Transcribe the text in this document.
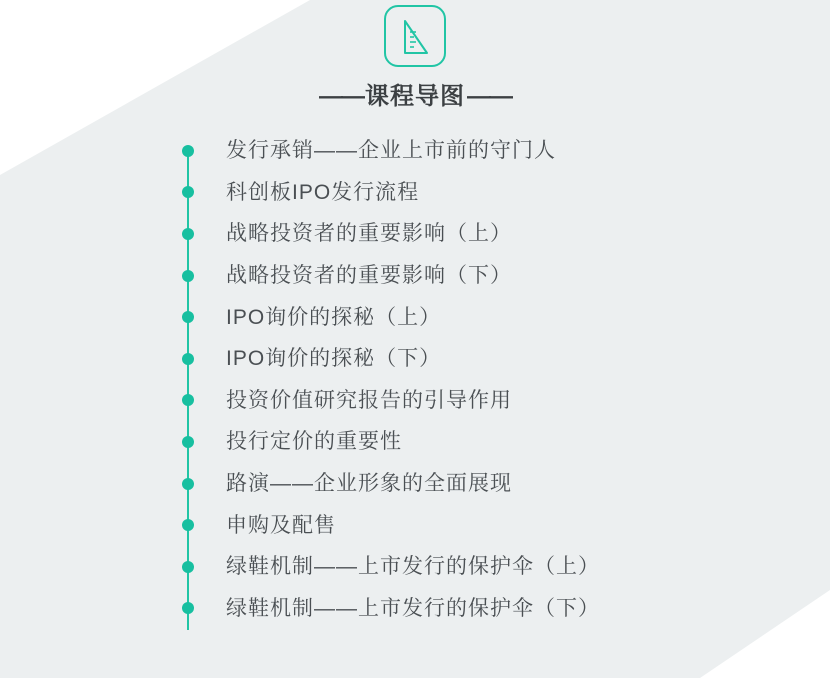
——课程导图——
发行承销——企业上市前的守门人
科创板IPO发行流程
战略投资者的重要影响（上）
战略投资者的重要影响（下）
IPO询价的探秘（上）
IPO询价的探秘（下）
投资价值研究报告的引导作用
投行定价的重要性
路演——企业形象的全面展现
申购及配售
绿鞋机制——上市发行的保护伞（上）
绿鞋机制——上市发行的保护伞（下）
